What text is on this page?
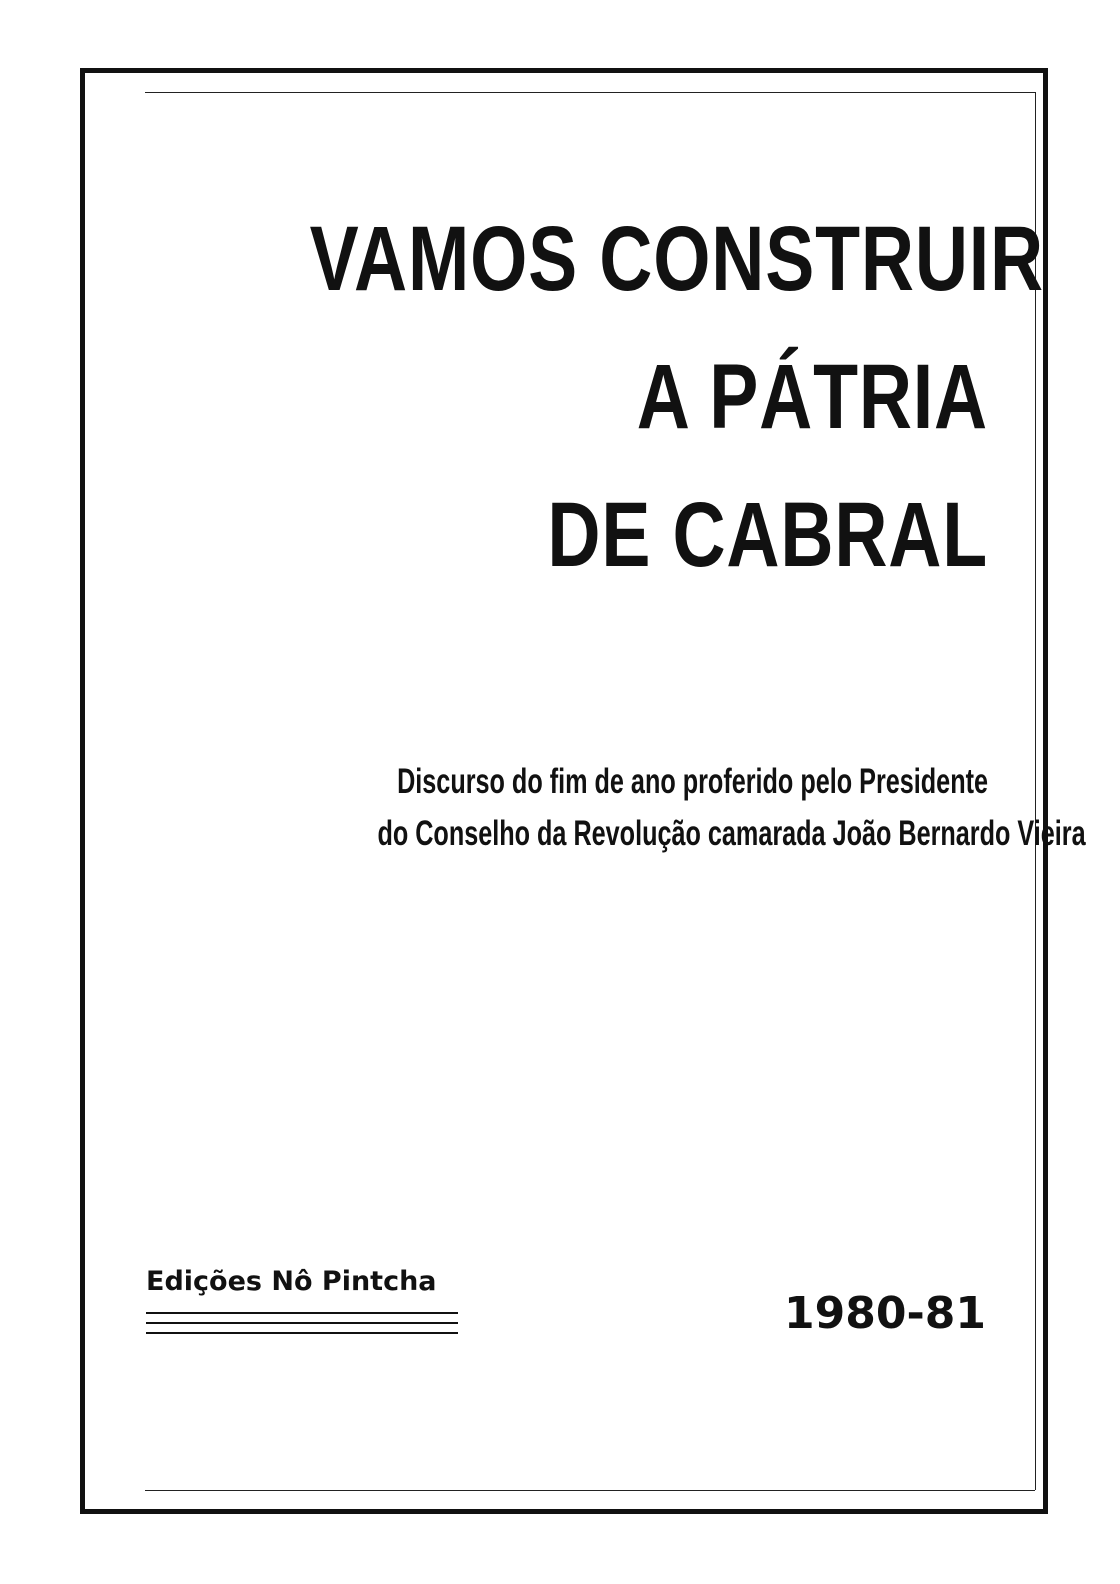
VAMOS CONSTRUIR
A PÁTRIA
DE CABRAL
Discurso do fim de ano proferido pelo Presidente
do Conselho da Revolução camarada João Bernardo Vieira
Edições Nô Pintcha
1980-81
